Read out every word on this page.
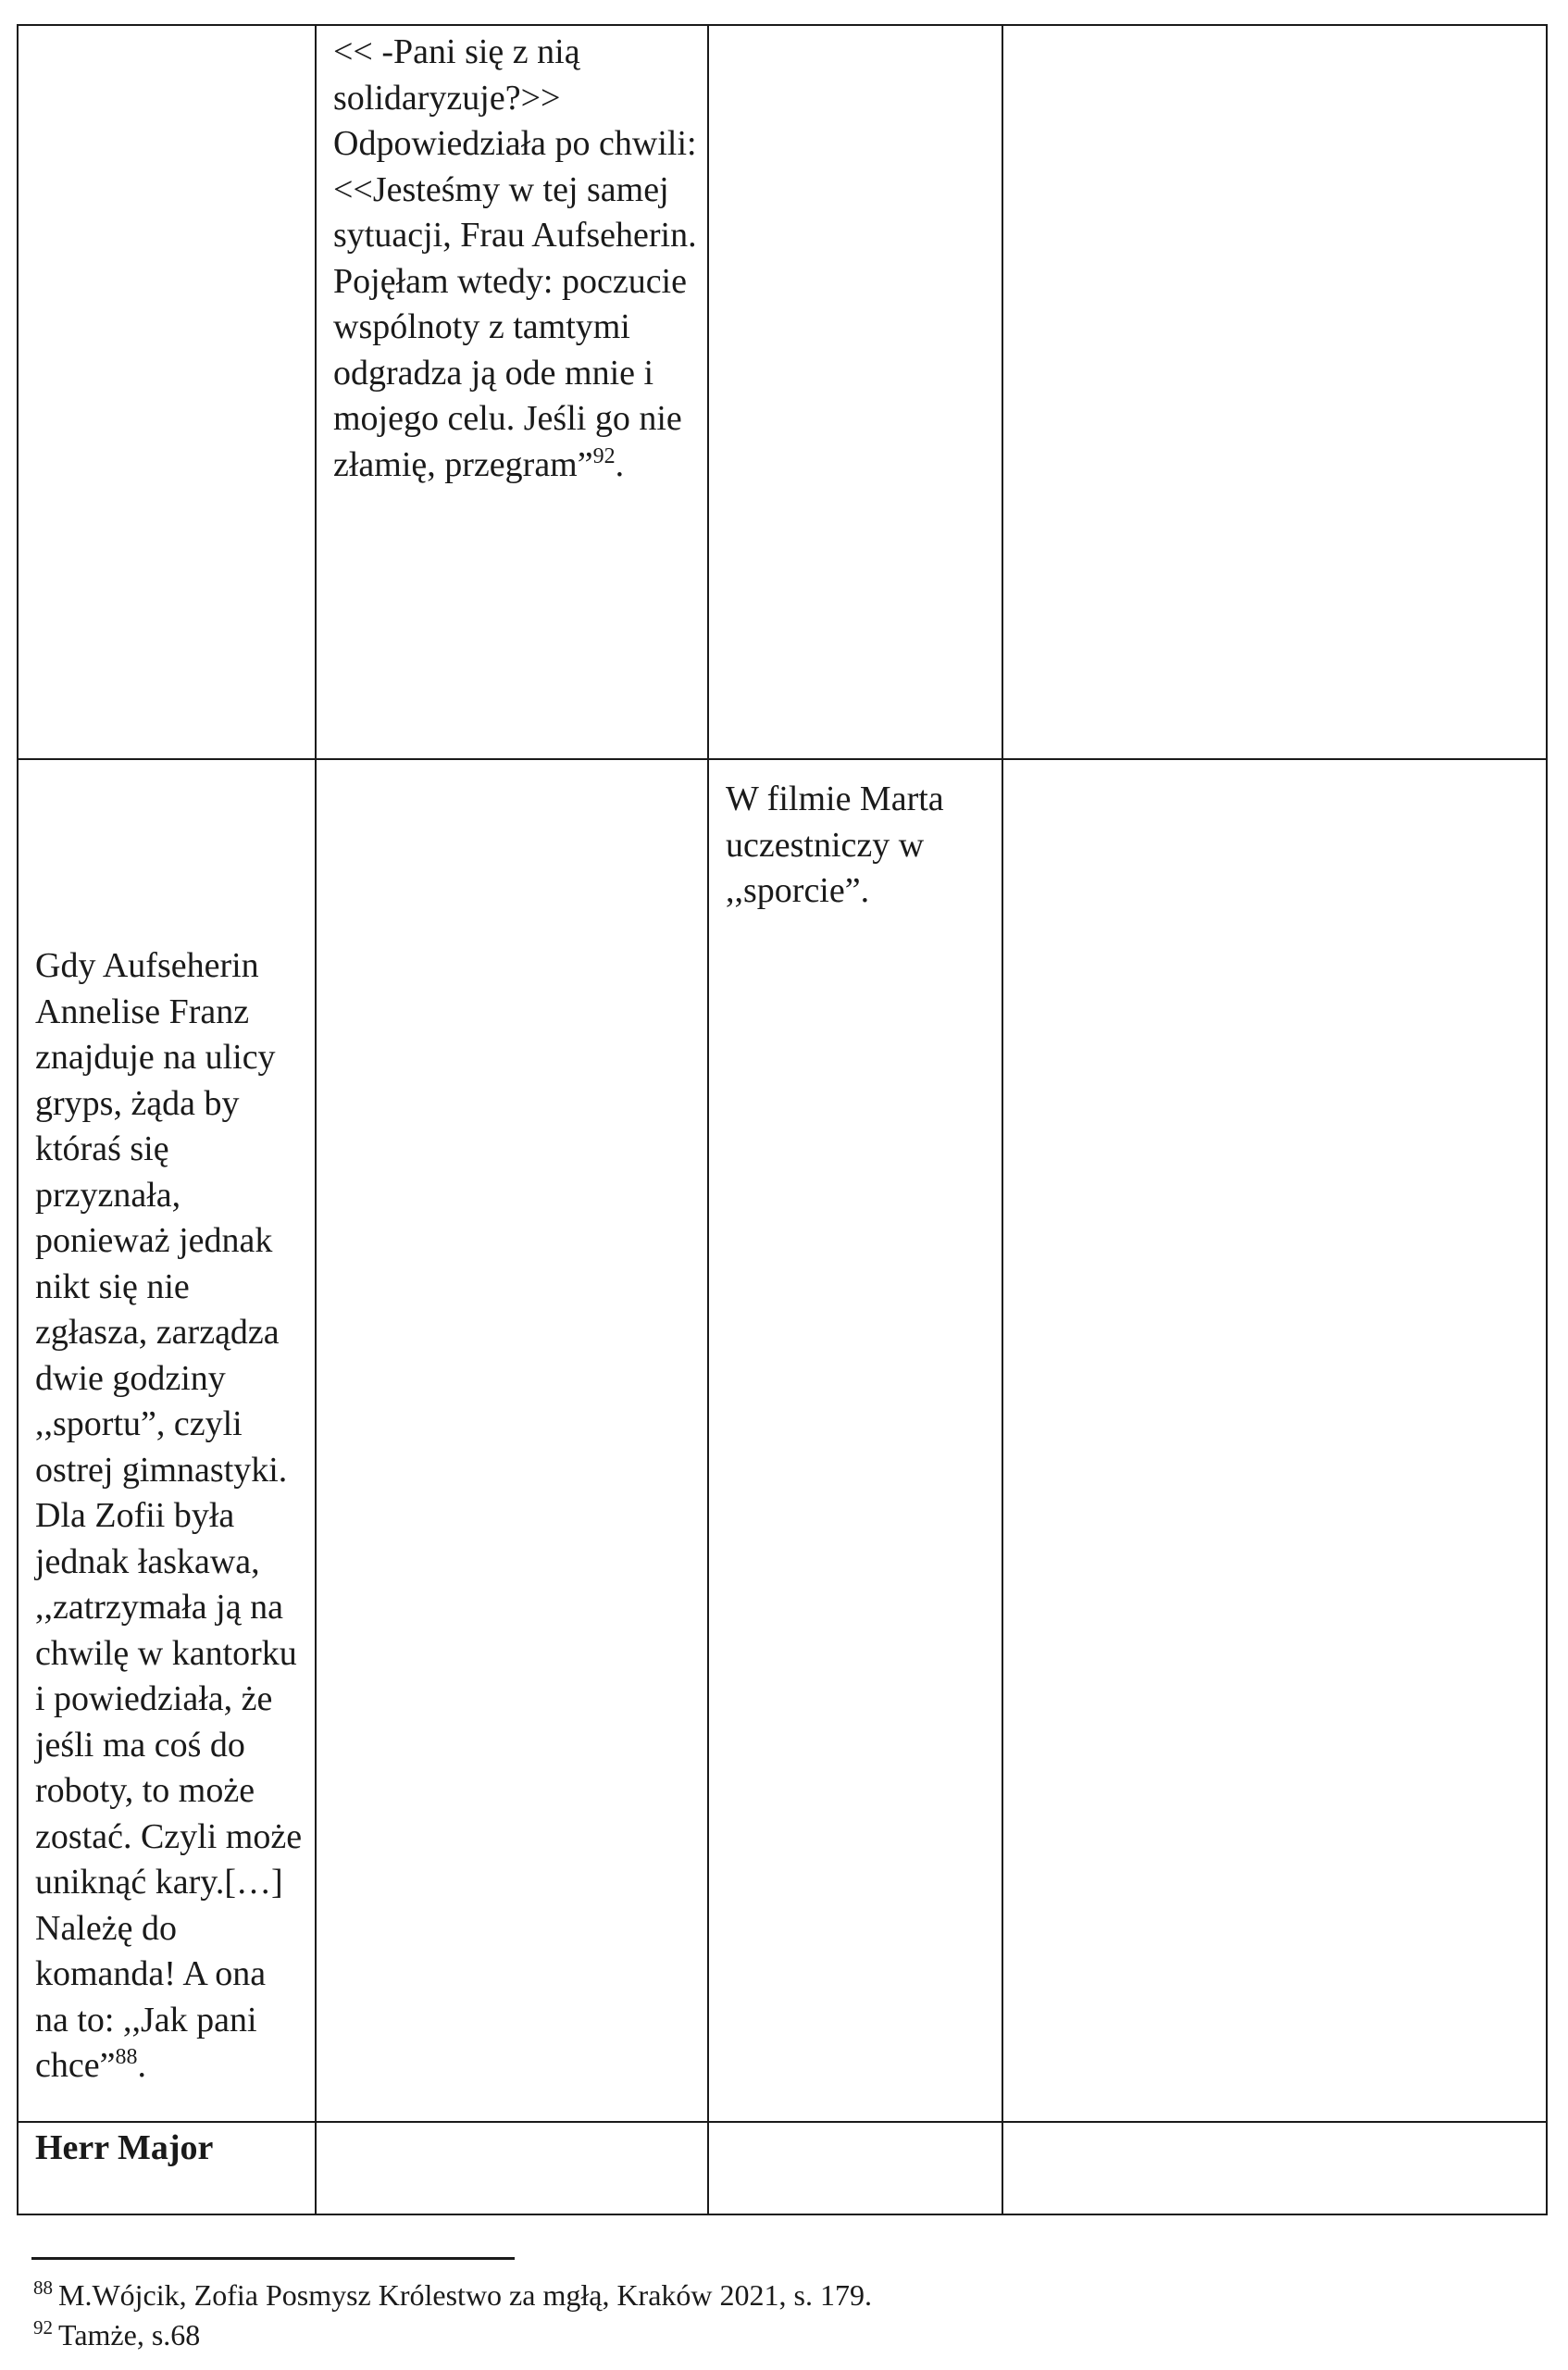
	<< -Pani się z nią solidaryzuje?>> Odpowiedziała po chwili:<<Jesteśmy w tej samej sytuacji, Frau Aufseherin. Pojęłam wtedy: poczucie wspólnoty z tamtymi odgradza ją ode mnie i mojego celu. Jeśli go nie złamię, przegram”$^{92}$.		

Gdy Aufseherin Annelise Franz znajduje na ulicy gryps, żąda by któraś się przyznała, ponieważ jednak nikt się nie zgłasza, zarządza dwie godziny ,,sportu”, czyli ostrej gimnastyki. Dla Zofii była jednak łaskawa, ,,zatrzymała ją na chwilę w kantorku i powiedziała, że jeśli ma coś do roboty, to może zostać. Czyli może uniknąć kary.[…] Należę do komanda! A ona na to: ,,Jak pani chce”$^{88}$.		W filmie Marta uczestniczy w ,,sporcie”.	

Herr Major			

$^{88}$ M.Wójcik, Zofia Posmysz Królestwo za mgłą, Kraków 2021, s. 179.
$^{92}$ Tamże, s.68
